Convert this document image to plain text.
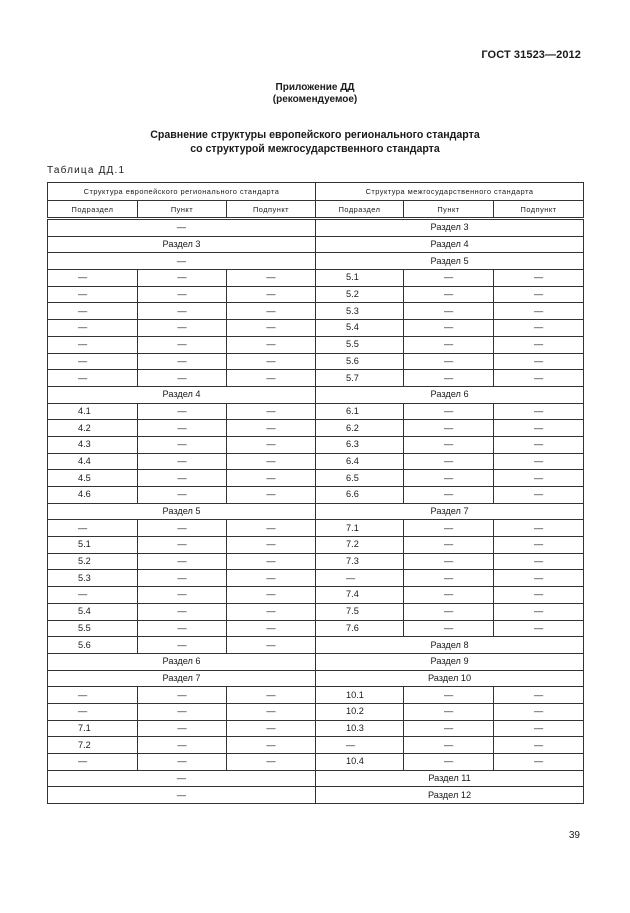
ГОСТ 31523—2012
Приложение ДД
(рекомендуемое)
Сравнение структуры европейского регионального стандарта
со структурой межгосударственного стандарта
Таблица ДД.1
Структура европейского регионального стандарта			Структура межгосударственного стандарта		
Подраздел	Пункт	Подпункт	Подраздел	Пункт	Подпункт
—			Раздел 3		
Раздел 3			Раздел 4		
—			Раздел 5		
—	—	—	5.1	—	—
—	—	—	5.2	—	—
—	—	—	5.3	—	—
—	—	—	5.4	—	—
—	—	—	5.5	—	—
—	—	—	5.6	—	—
—	—	—	5.7	—	—
Раздел 4			Раздел 6		
4.1	—	—	6.1	—	—
4.2	—	—	6.2	—	—
4.3	—	—	6.3	—	—
4.4	—	—	6.4	—	—
4.5	—	—	6.5	—	—
4.6	—	—	6.6	—	—
Раздел 5			Раздел 7		
—	—	—	7.1	—	—
5.1	—	—	7.2	—	—
5.2	—	—	7.3	—	—
5.3	—	—	—	—	—
—	—	—	7.4	—	—
5.4	—	—	7.5	—	—
5.5	—	—	7.6	—	—
5.6	—	—	Раздел 8		
Раздел 6			Раздел 9		
Раздел 7			Раздел 10		
—	—	—	10.1	—	—
—	—	—	10.2	—	—
7.1	—	—	10.3	—	—
7.2	—	—	—	—	—
—	—	—	10.4	—	—
—			Раздел 11		
—			Раздел 12		
39
